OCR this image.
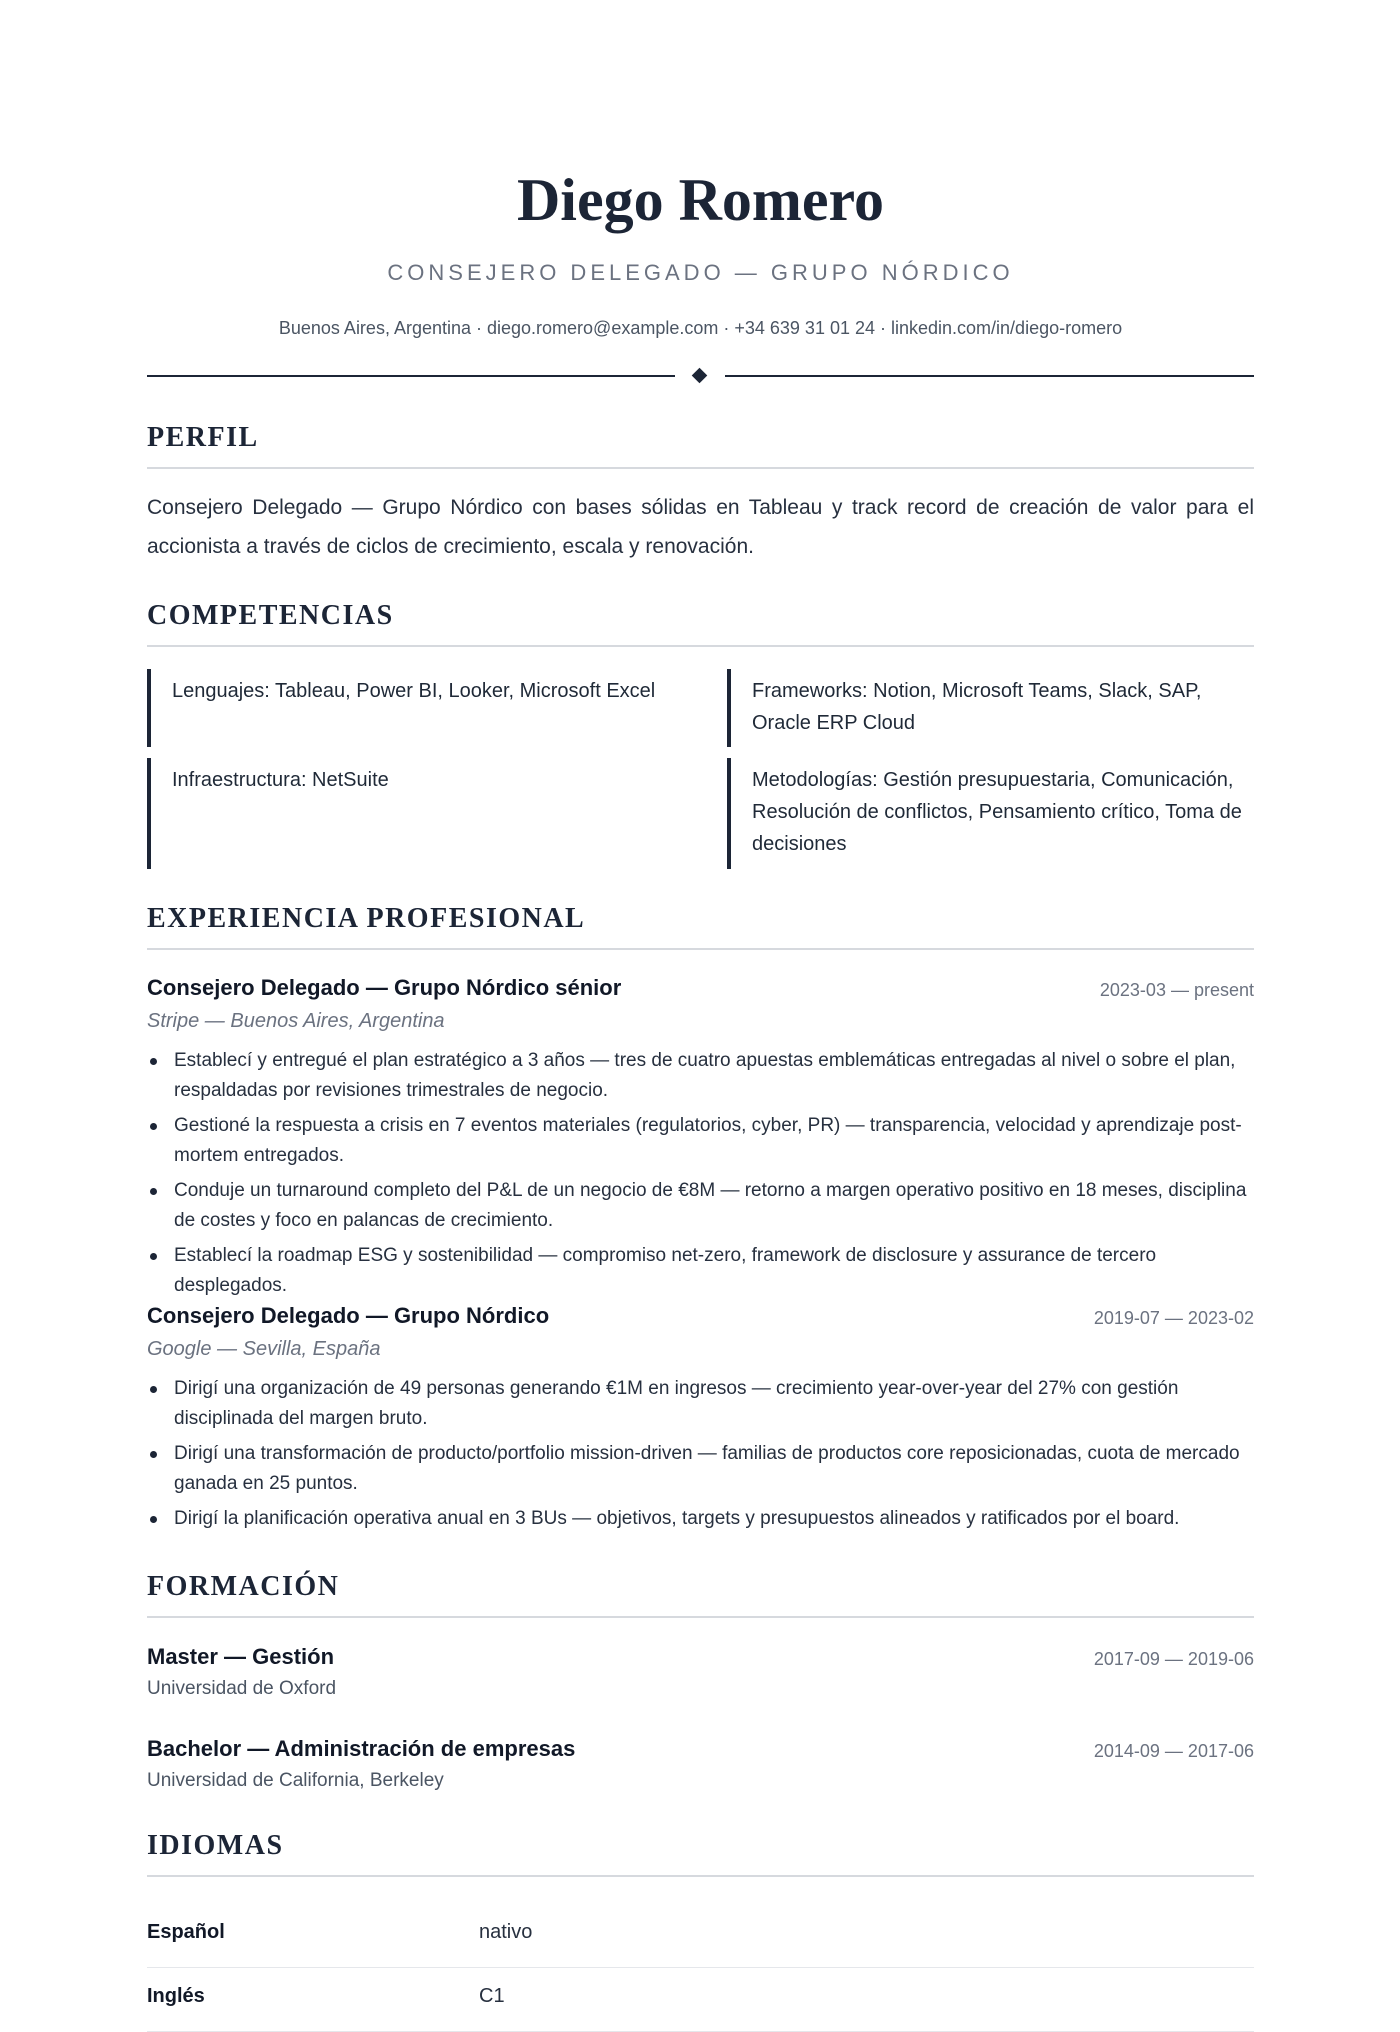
Diego Romero
CONSEJERO DELEGADO — GRUPO NÓRDICO
Buenos Aires, Argentina · diego.romero@example.com · +34 639 31 01 24 · linkedin.com/in/diego-romero
PERFIL
Consejero Delegado — Grupo Nórdico con bases sólidas en Tableau y track record de creación de valor para el accionista a través de ciclos de crecimiento, escala y renovación.
COMPETENCIAS
Lenguajes: Tableau, Power BI, Looker, Microsoft Excel	Frameworks: Notion, Microsoft Teams, Slack, SAP, Oracle ERP Cloud
Infraestructura: NetSuite	Metodologías: Gestión presupuestaria, Comunicación, Resolución de conflictos, Pensamiento crítico, Toma de decisiones
EXPERIENCIA PROFESIONAL
Consejero Delegado — Grupo Nórdico sénior	2023-03 — present
Stripe — Buenos Aires, Argentina
Establecí y entregué el plan estratégico a 3 años — tres de cuatro apuestas emblemáticas entregadas al nivel o sobre el plan, respaldadas por revisiones trimestrales de negocio.
Gestioné la respuesta a crisis en 7 eventos materiales (regulatorios, cyber, PR) — transparencia, velocidad y aprendizaje post-mortem entregados.
Conduje un turnaround completo del P&L de un negocio de €8M — retorno a margen operativo positivo en 18 meses, disciplina de costes y foco en palancas de crecimiento.
Establecí la roadmap ESG y sostenibilidad — compromiso net-zero, framework de disclosure y assurance de tercero desplegados.
Consejero Delegado — Grupo Nórdico	2019-07 — 2023-02
Google — Sevilla, España
Dirigí una organización de 49 personas generando €1M en ingresos — crecimiento year-over-year del 27% con gestión disciplinada del margen bruto.
Dirigí una transformación de producto/portfolio mission-driven — familias de productos core reposicionadas, cuota de mercado ganada en 25 puntos.
Dirigí la planificación operativa anual en 3 BUs — objetivos, targets y presupuestos alineados y ratificados por el board.
FORMACIÓN
Master — Gestión	2017-09 — 2019-06
Universidad de Oxford
Bachelor — Administración de empresas	2014-09 — 2017-06
Universidad de California, Berkeley
IDIOMAS
Español	nativo
Inglés	C1
